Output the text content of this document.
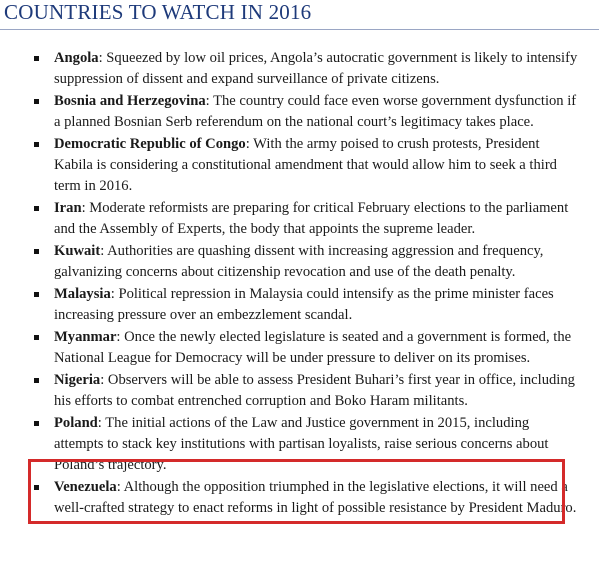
COUNTRIES TO WATCH IN 2016
Angola: Squeezed by low oil prices, Angola’s autocratic government is likely to intensify suppression of dissent and expand surveillance of private citizens.
Bosnia and Herzegovina: The country could face even worse government dysfunction if a planned Bosnian Serb referendum on the national court’s legitimacy takes place.
Democratic Republic of Congo: With the army poised to crush protests, President Kabila is considering a constitutional amendment that would allow him to seek a third term in 2016.
Iran: Moderate reformists are preparing for critical February elections to the parliament and the Assembly of Experts, the body that appoints the supreme leader.
Kuwait: Authorities are quashing dissent with increasing aggression and frequency, galvanizing concerns about citizenship revocation and use of the death penalty.
Malaysia: Political repression in Malaysia could intensify as the prime minister faces increasing pressure over an embezzlement scandal.
Myanmar: Once the newly elected legislature is seated and a government is formed, the National League for Democracy will be under pressure to deliver on its promises.
Nigeria: Observers will be able to assess President Buhari’s first year in office, including his efforts to combat entrenched corruption and Boko Haram militants.
Poland: The initial actions of the Law and Justice government in 2015, including attempts to stack key institutions with partisan loyalists, raise serious concerns about Poland’s trajectory.
Venezuela: Although the opposition triumphed in the legislative elections, it will need a well-crafted strategy to enact reforms in light of possible resistance by President Maduro.
